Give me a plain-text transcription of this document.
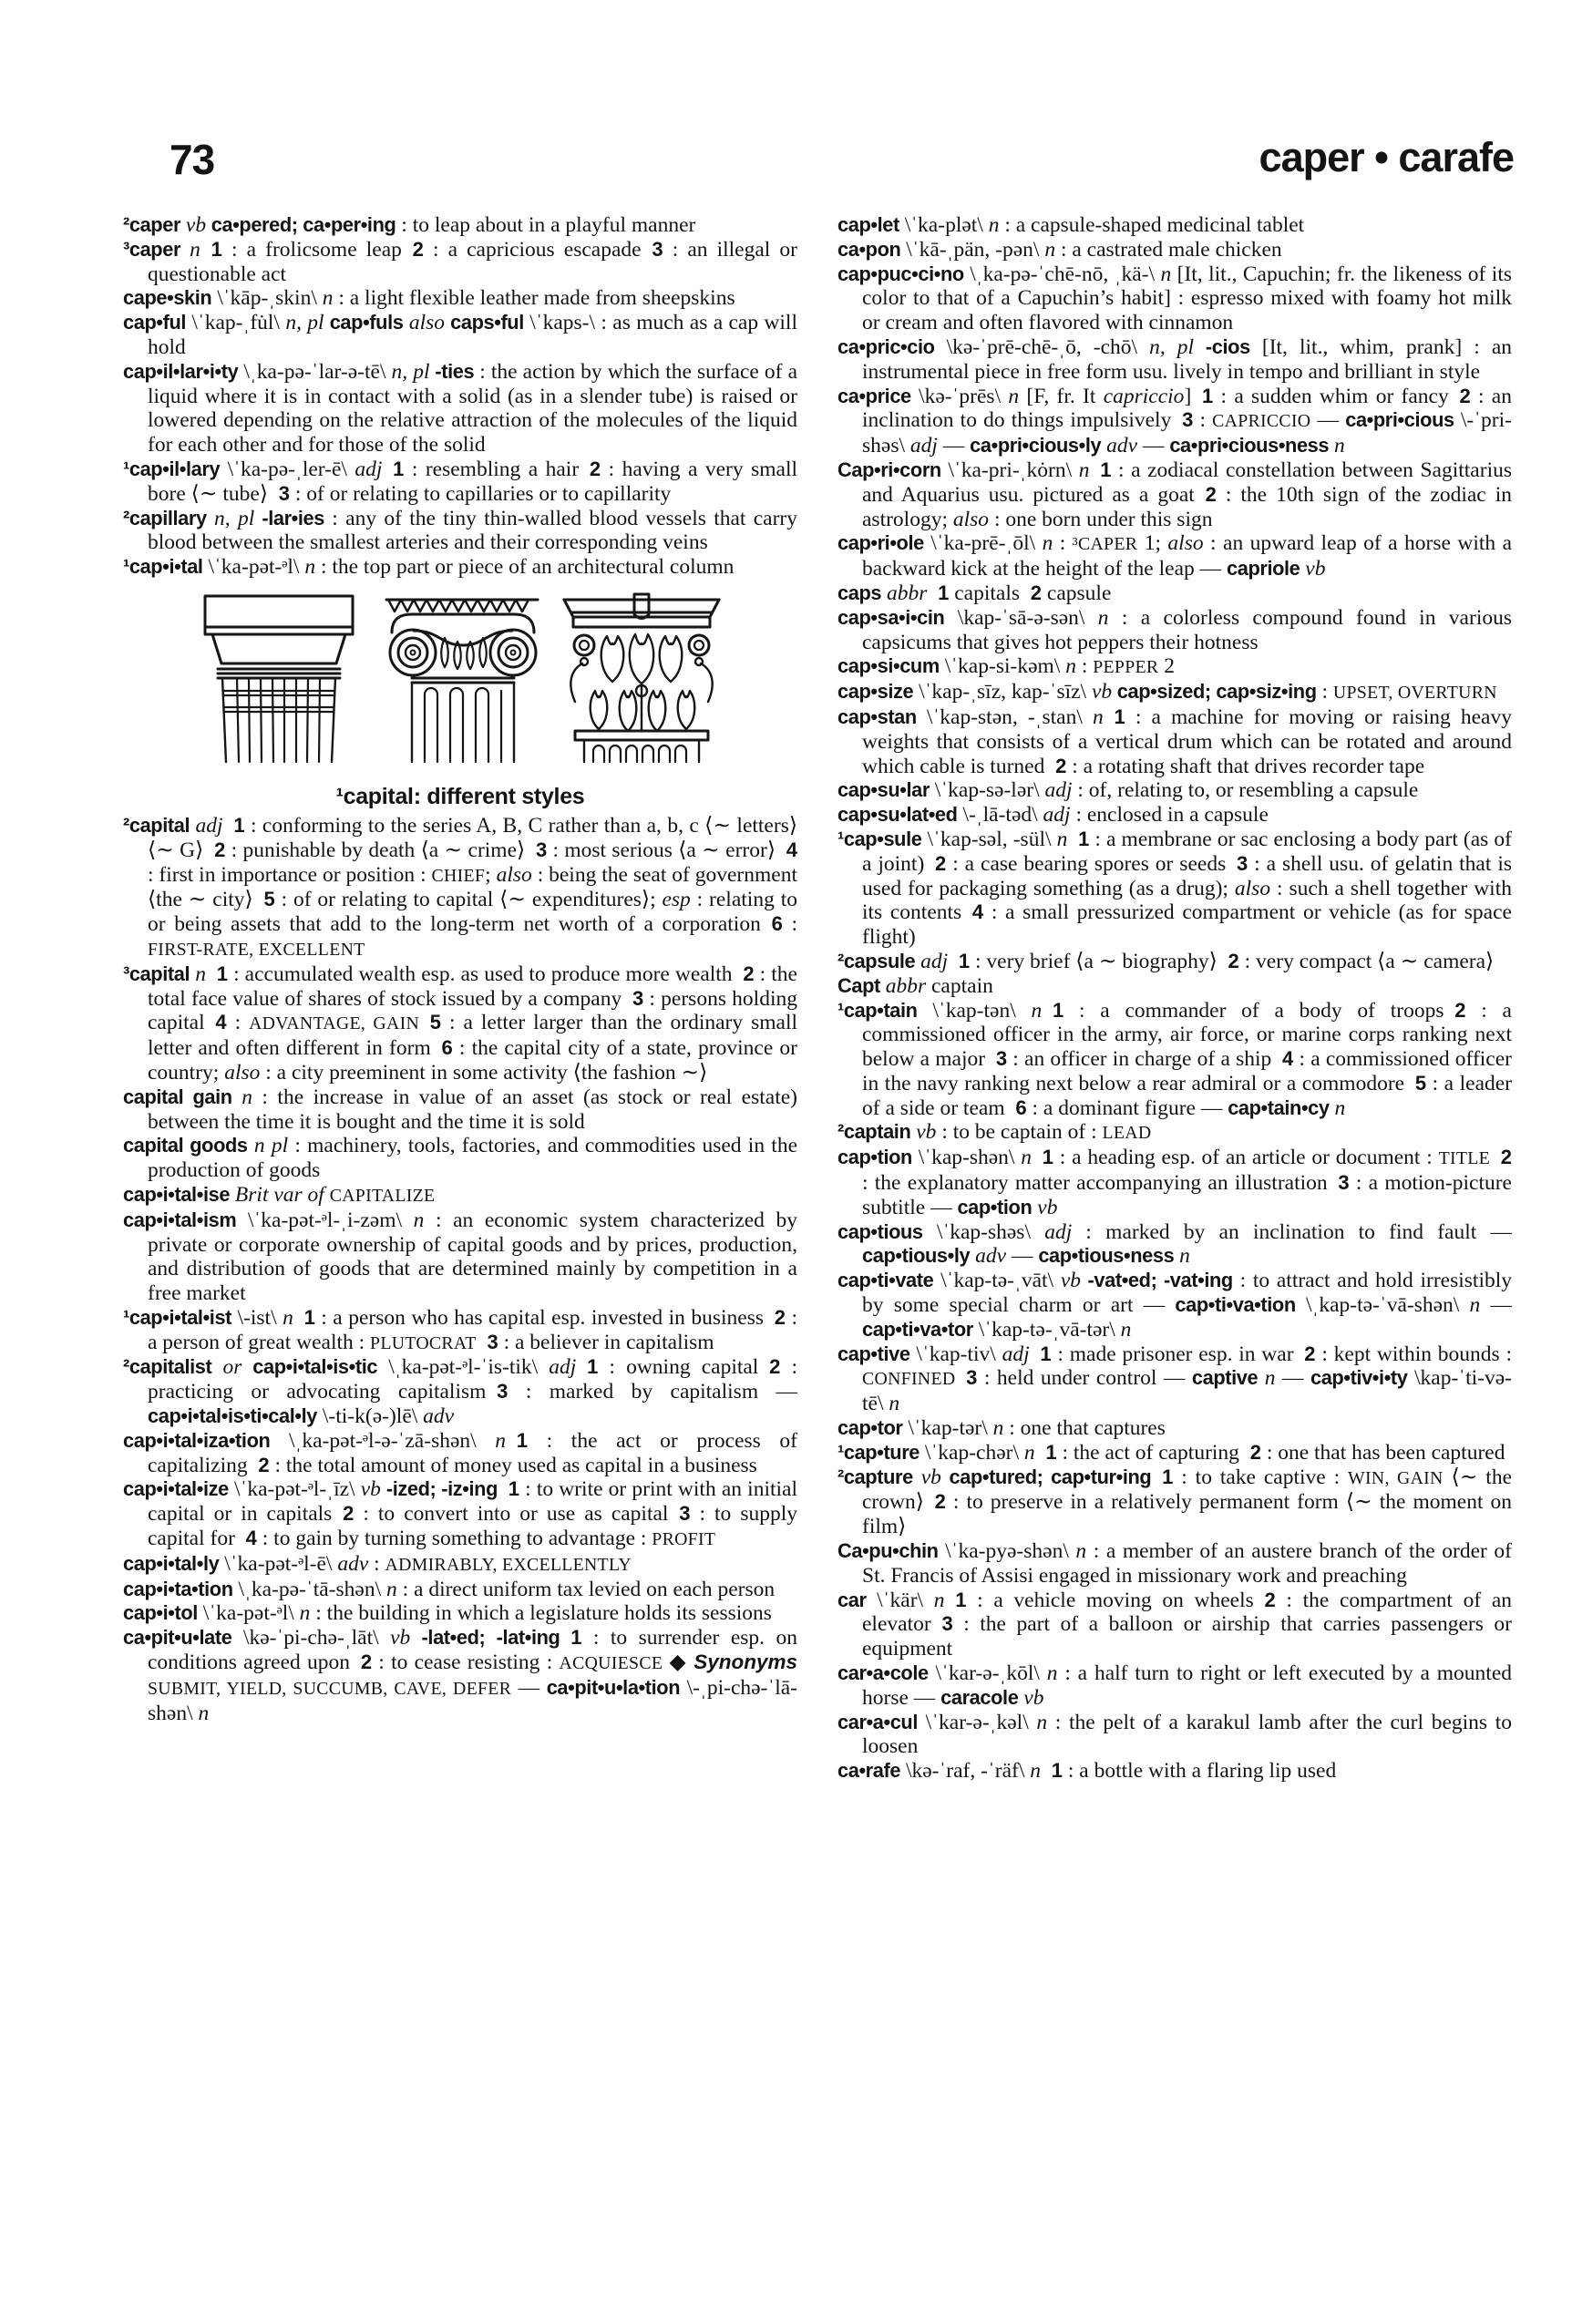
73	caper • carafe

²caper vb ca•pered; ca•per•ing : to leap about in a playful manner

³caper n  1 : a frolicsome leap 2 : a capricious escapade 3 : an illegal or questionable act

cape•skin \ˈkāp-ˌskin\ n : a light flexible leather made from sheepskins

cap•ful \ˈkap-ˌfu̇l\ n, pl cap•fuls also caps•ful \ˈkaps-\ : as much as a cap will hold

cap•il•lar•i•ty \ˌka-pə-ˈlar-ə-tē\ n, pl -ties : the action by which the surface of a liquid where it is in contact with a solid (as in a slender tube) is raised or lowered depending on the relative attraction of the molecules of the liquid for each other and for those of the solid

¹cap•il•lary \ˈka-pə-ˌler-ē\ adj  1 : resembling a hair 2 : having a very small bore ⟨∼ tube⟩ 3 : of or relating to capillaries or to capillarity

²capillary n, pl -lar•ies : any of the tiny thin-walled blood vessels that carry blood between the smallest arteries and their corresponding veins

¹cap•i•tal \ˈka-pət-ᵊl\ n : the top part or piece of an architectural column

¹capital: different styles

²capital adj  1 : conforming to the series A, B, C rather than a, b, c ⟨∼ letters⟩ ⟨∼ G⟩ 2 : punishable by death ⟨a ∼ crime⟩ 3 : most serious ⟨a ∼ error⟩ 4 : first in importance or position : CHIEF; also : being the seat of government ⟨the ∼ city⟩ 5 : of or relating to capital ⟨∼ expenditures⟩; esp : relating to or being assets that add to the long-term net worth of a corporation 6 : FIRST-RATE, EXCELLENT

³capital n  1 : accumulated wealth esp. as used to produce more wealth 2 : the total face value of shares of stock issued by a company 3 : persons holding capital 4 : ADVANTAGE, GAIN  5 : a letter larger than the ordinary small letter and often different in form 6 : the capital city of a state, province or country; also : a city preeminent in some activity ⟨the fashion ∼⟩

capital gain n : the increase in value of an asset (as stock or real estate) between the time it is bought and the time it is sold

capital goods n pl : machinery, tools, factories, and commodities used in the production of goods

cap•i•tal•ise Brit var of CAPITALIZE

cap•i•tal•ism \ˈka-pət-ᵊl-ˌi-zəm\ n : an economic system characterized by private or corporate ownership of capital goods and by prices, production, and distribution of goods that are determined mainly by competition in a free market

¹cap•i•tal•ist \-ist\ n  1 : a person who has capital esp. invested in business 2 : a person of great wealth : PLUTOCRAT  3 : a believer in capitalism

²capitalist or cap•i•tal•is•tic \ˌka-pət-ᵊl-ˈis-tik\ adj  1 : owning capital 2 : practicing or advocating capitalism 3 : marked by capitalism — cap•i•tal•is•ti•cal•ly \-ti-k(ə-)lē\ adv

cap•i•tal•iza•tion \ˌka-pət-ᵊl-ə-ˈzā-shən\ n  1 : the act or process of capitalizing 2 : the total amount of money used as capital in a business

cap•i•tal•ize \ˈka-pət-ᵊl-ˌīz\ vb -ized; -iz•ing  1 : to write or print with an initial capital or in capitals 2 : to convert into or use as capital 3 : to supply capital for 4 : to gain by turning something to advantage : PROFIT

cap•i•tal•ly \ˈka-pət-ᵊl-ē\ adv : ADMIRABLY, EXCELLENTLY

cap•i•ta•tion \ˌka-pə-ˈtā-shən\ n : a direct uniform tax levied on each person

cap•i•tol \ˈka-pət-ᵊl\ n : the building in which a legislature holds its sessions

ca•pit•u•late \kə-ˈpi-chə-ˌlāt\ vb -lat•ed; -lat•ing  1 : to surrender esp. on conditions agreed upon 2 : to cease resisting : ACQUIESCE ◆ Synonyms SUBMIT, YIELD, SUCCUMB, CAVE, DEFER — ca•pit•u•la•tion \-ˌpi-chə-ˈlā-shən\ n

cap•let \ˈka-plət\ n : a capsule-shaped medicinal tablet

ca•pon \ˈkā-ˌpän, -pən\ n : a castrated male chicken

cap•puc•ci•no \ˌka-pə-ˈchē-nō, ˌkä-\ n [It, lit., Capuchin; fr. the likeness of its color to that of a Capuchin’s habit] : espresso mixed with foamy hot milk or cream and often flavored with cinnamon

ca•pric•cio \kə-ˈprē-chē-ˌō, -chō\ n, pl -cios [It, lit., whim, prank] : an instrumental piece in free form usu. lively in tempo and brilliant in style

ca•price \kə-ˈprēs\ n [F, fr. It capriccio] 1 : a sudden whim or fancy 2 : an inclination to do things impulsively 3 : CAPRICCIO — ca•pri•cious \-ˈpri-shəs\ adj — ca•pri•cious•ly adv — ca•pri•cious•ness n

Cap•ri•corn \ˈka-pri-ˌkȯrn\ n  1 : a zodiacal constellation between Sagittarius and Aquarius usu. pictured as a goat 2 : the 10th sign of the zodiac in astrology; also : one born under this sign

cap•ri•ole \ˈka-prē-ˌōl\ n : ³CAPER 1; also : an upward leap of a horse with a backward kick at the height of the leap — capriole vb

caps abbr  1 capitals 2 capsule

cap•sa•i•cin \kap-ˈsā-ə-sən\ n : a colorless compound found in various capsicums that gives hot peppers their hotness

cap•si•cum \ˈkap-si-kəm\ n : PEPPER 2

cap•size \ˈkap-ˌsīz, kap-ˈsīz\ vb cap•sized; cap•siz•ing : UPSET, OVERTURN

cap•stan \ˈkap-stən, -ˌstan\ n  1 : a machine for moving or raising heavy weights that consists of a vertical drum which can be rotated and around which cable is turned 2 : a rotating shaft that drives recorder tape

cap•su•lar \ˈkap-sə-lər\ adj : of, relating to, or resembling a capsule

cap•su•lat•ed \-ˌlā-təd\ adj : enclosed in a capsule

¹cap•sule \ˈkap-səl, -sül\ n  1 : a membrane or sac enclosing a body part (as of a joint) 2 : a case bearing spores or seeds 3 : a shell usu. of gelatin that is used for packaging something (as a drug); also : such a shell together with its contents 4 : a small pressurized compartment or vehicle (as for space flight)

²capsule adj  1 : very brief ⟨a ∼ biography⟩ 2 : very compact ⟨a ∼ camera⟩

Capt abbr captain

¹cap•tain \ˈkap-tən\ n  1 : a commander of a body of troops 2 : a commissioned officer in the army, air force, or marine corps ranking next below a major 3 : an officer in charge of a ship 4 : a commissioned officer in the navy ranking next below a rear admiral or a commodore 5 : a leader of a side or team 6 : a dominant figure — cap•tain•cy n

²captain vb : to be captain of : LEAD

cap•tion \ˈkap-shən\ n  1 : a heading esp. of an article or document : TITLE  2 : the explanatory matter accompanying an illustration 3 : a motion-picture subtitle — cap•tion vb

cap•tious \ˈkap-shəs\ adj : marked by an inclination to find fault — cap•tious•ly adv — cap•tious•ness n

cap•ti•vate \ˈkap-tə-ˌvāt\ vb -vat•ed; -vat•ing : to attract and hold irresistibly by some special charm or art — cap•ti•va•tion \ˌkap-tə-ˈvā-shən\ n — cap•ti•va•tor \ˈkap-tə-ˌvā-tər\ n

cap•tive \ˈkap-tiv\ adj  1 : made prisoner esp. in war 2 : kept within bounds : CONFINED  3 : held under control — captive n — cap•tiv•i•ty \kap-ˈti-və-tē\ n

cap•tor \ˈkap-tər\ n : one that captures

¹cap•ture \ˈkap-chər\ n  1 : the act of capturing 2 : one that has been captured

²capture vb cap•tured; cap•tur•ing  1 : to take captive : WIN, GAIN ⟨∼ the crown⟩ 2 : to preserve in a relatively permanent form ⟨∼ the moment on film⟩

Ca•pu•chin \ˈka-pyə-shən\ n : a member of an austere branch of the order of St. Francis of Assisi engaged in missionary work and preaching

car \ˈkär\ n  1 : a vehicle moving on wheels 2 : the compartment of an elevator 3 : the part of a balloon or airship that carries passengers or equipment

car•a•cole \ˈkar-ə-ˌkōl\ n : a half turn to right or left executed by a mounted horse — caracole vb

car•a•cul \ˈkar-ə-ˌkəl\ n : the pelt of a karakul lamb after the curl begins to loosen

ca•rafe \kə-ˈraf, -ˈräf\ n  1 : a bottle with a flaring lip used
